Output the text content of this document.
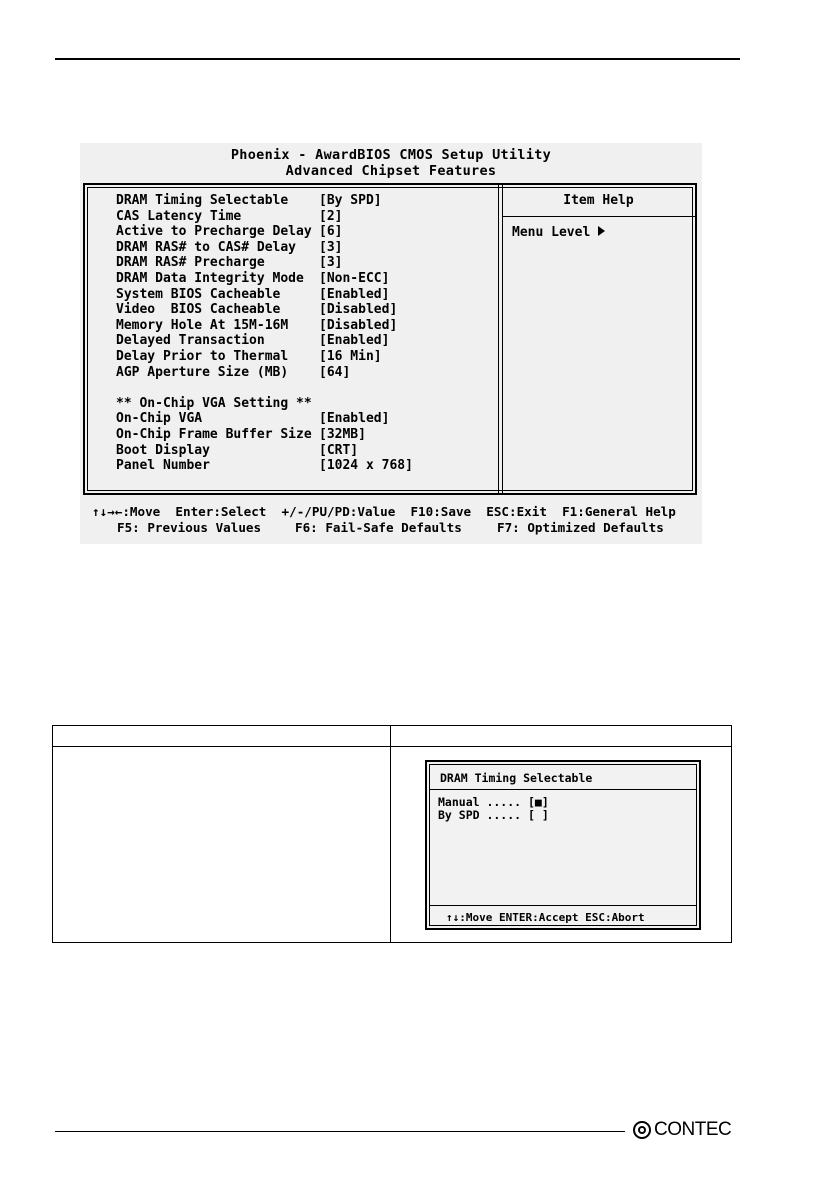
Phoenix - AwardBIOS CMOS Setup Utility
Advanced Chipset Features
Item Help
Menu Level
DRAM Timing Selectable	[By SPD]
CAS Latency Time	[2]
Active to Precharge Delay [6]
DRAM RAS# to CAS# Delay	[3]
DRAM RAS# Precharge	[3]
DRAM Data Integrity Mode	[Non-ECC]
System BIOS Cacheable	[Enabled]
Video  BIOS Cacheable	[Disabled]
Memory Hole At 15M-16M	[Disabled]
Delayed Transaction	[Enabled]
Delay Prior to Thermal	[16 Min]
AGP Aperture Size (MB)	[64]
** On-Chip VGA Setting **
On-Chip VGA	[Enabled]
On-Chip Frame Buffer Size [32MB]
Boot Display	[CRT]
Panel Number	[1024 x 768]
↑↓→←:Move  Enter:Select  +/-/PU/PD:Value  F10:Save  ESC:Exit  F1:General Help

F5: Previous Values

	F6: Fail-Safe Defaults

	F7: Optimized Defaults

DRAM Timing Selectable
Manual ..... [■]
By SPD ..... [ ]
↑↓:Move ENTER:Accept ESC:Abort
CONTEC
